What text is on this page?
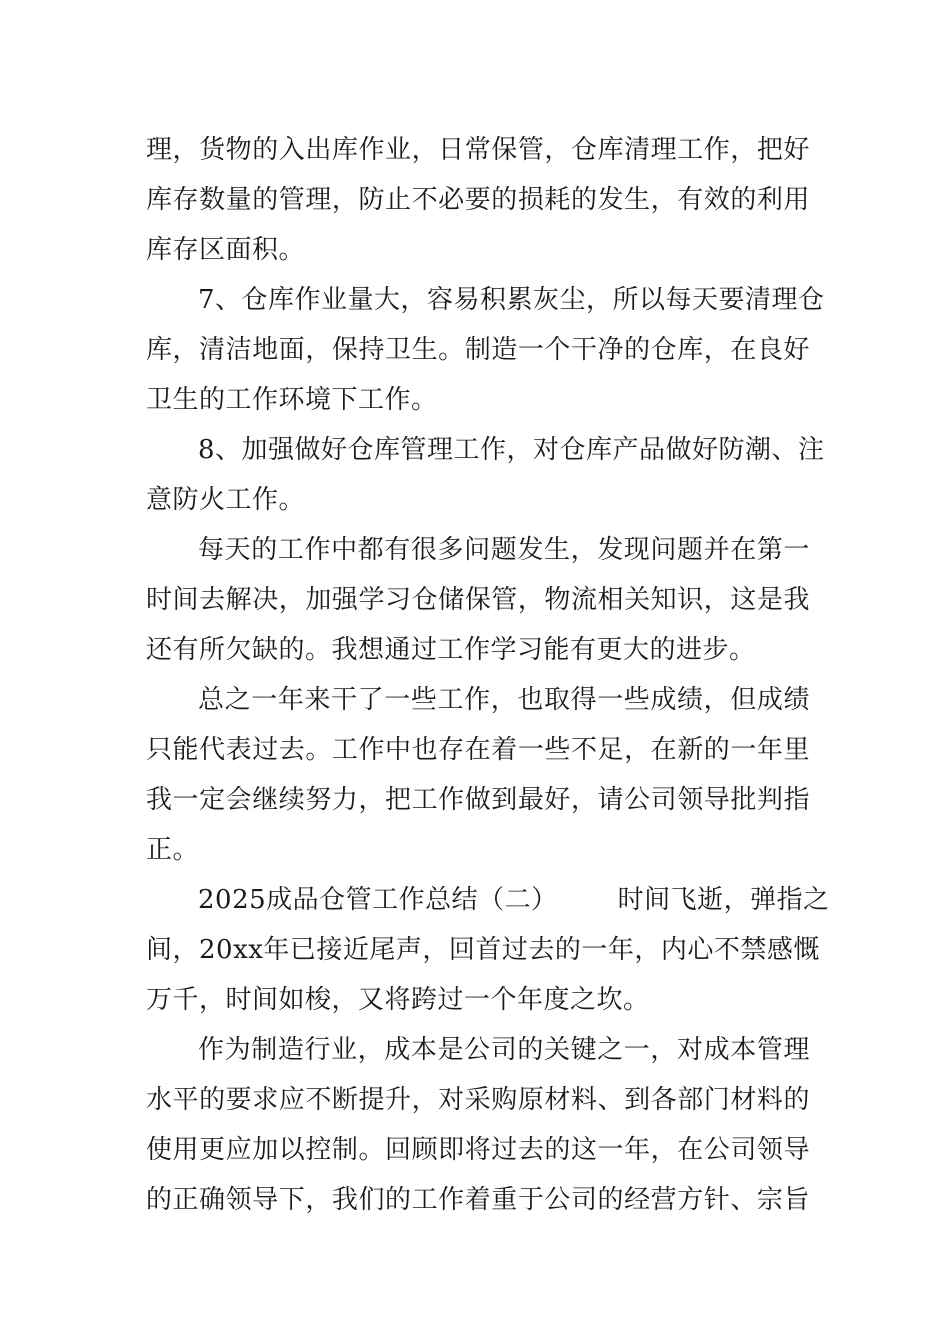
理，货物的入出库作业，日常保管，仓库清理工作，把好
库存数量的管理，防止不必要的损耗的发生，有效的利用
库存区面积。
7、仓库作业量大，容易积累灰尘，所以每天要清理仓
库，清洁地面，保持卫生。制造一个干净的仓库，在良好
卫生的工作环境下工作。
8、加强做好仓库管理工作，对仓库产品做好防潮、注
意防火工作。
每天的工作中都有很多问题发生，发现问题并在第一
时间去解决，加强学习仓储保管，物流相关知识，这是我
还有所欠缺的。我想通过工作学习能有更大的进步。
总之一年来干了一些工作，也取得一些成绩，但成绩
只能代表过去。工作中也存在着一些不足，在新的一年里
我一定会继续努力，把工作做到最好，请公司领导批判指
正。
2025成品仓管工作总结（二） 时间飞逝，弹指之
间，20xx年已接近尾声，回首过去的一年，内心不禁感慨
万千，时间如梭，又将跨过一个年度之坎。
作为制造行业，成本是公司的关键之一，对成本管理
水平的要求应不断提升，对采购原材料、到各部门材料的
使用更应加以控制。回顾即将过去的这一年，在公司领导
的正确领导下，我们的工作着重于公司的经营方针、宗旨
